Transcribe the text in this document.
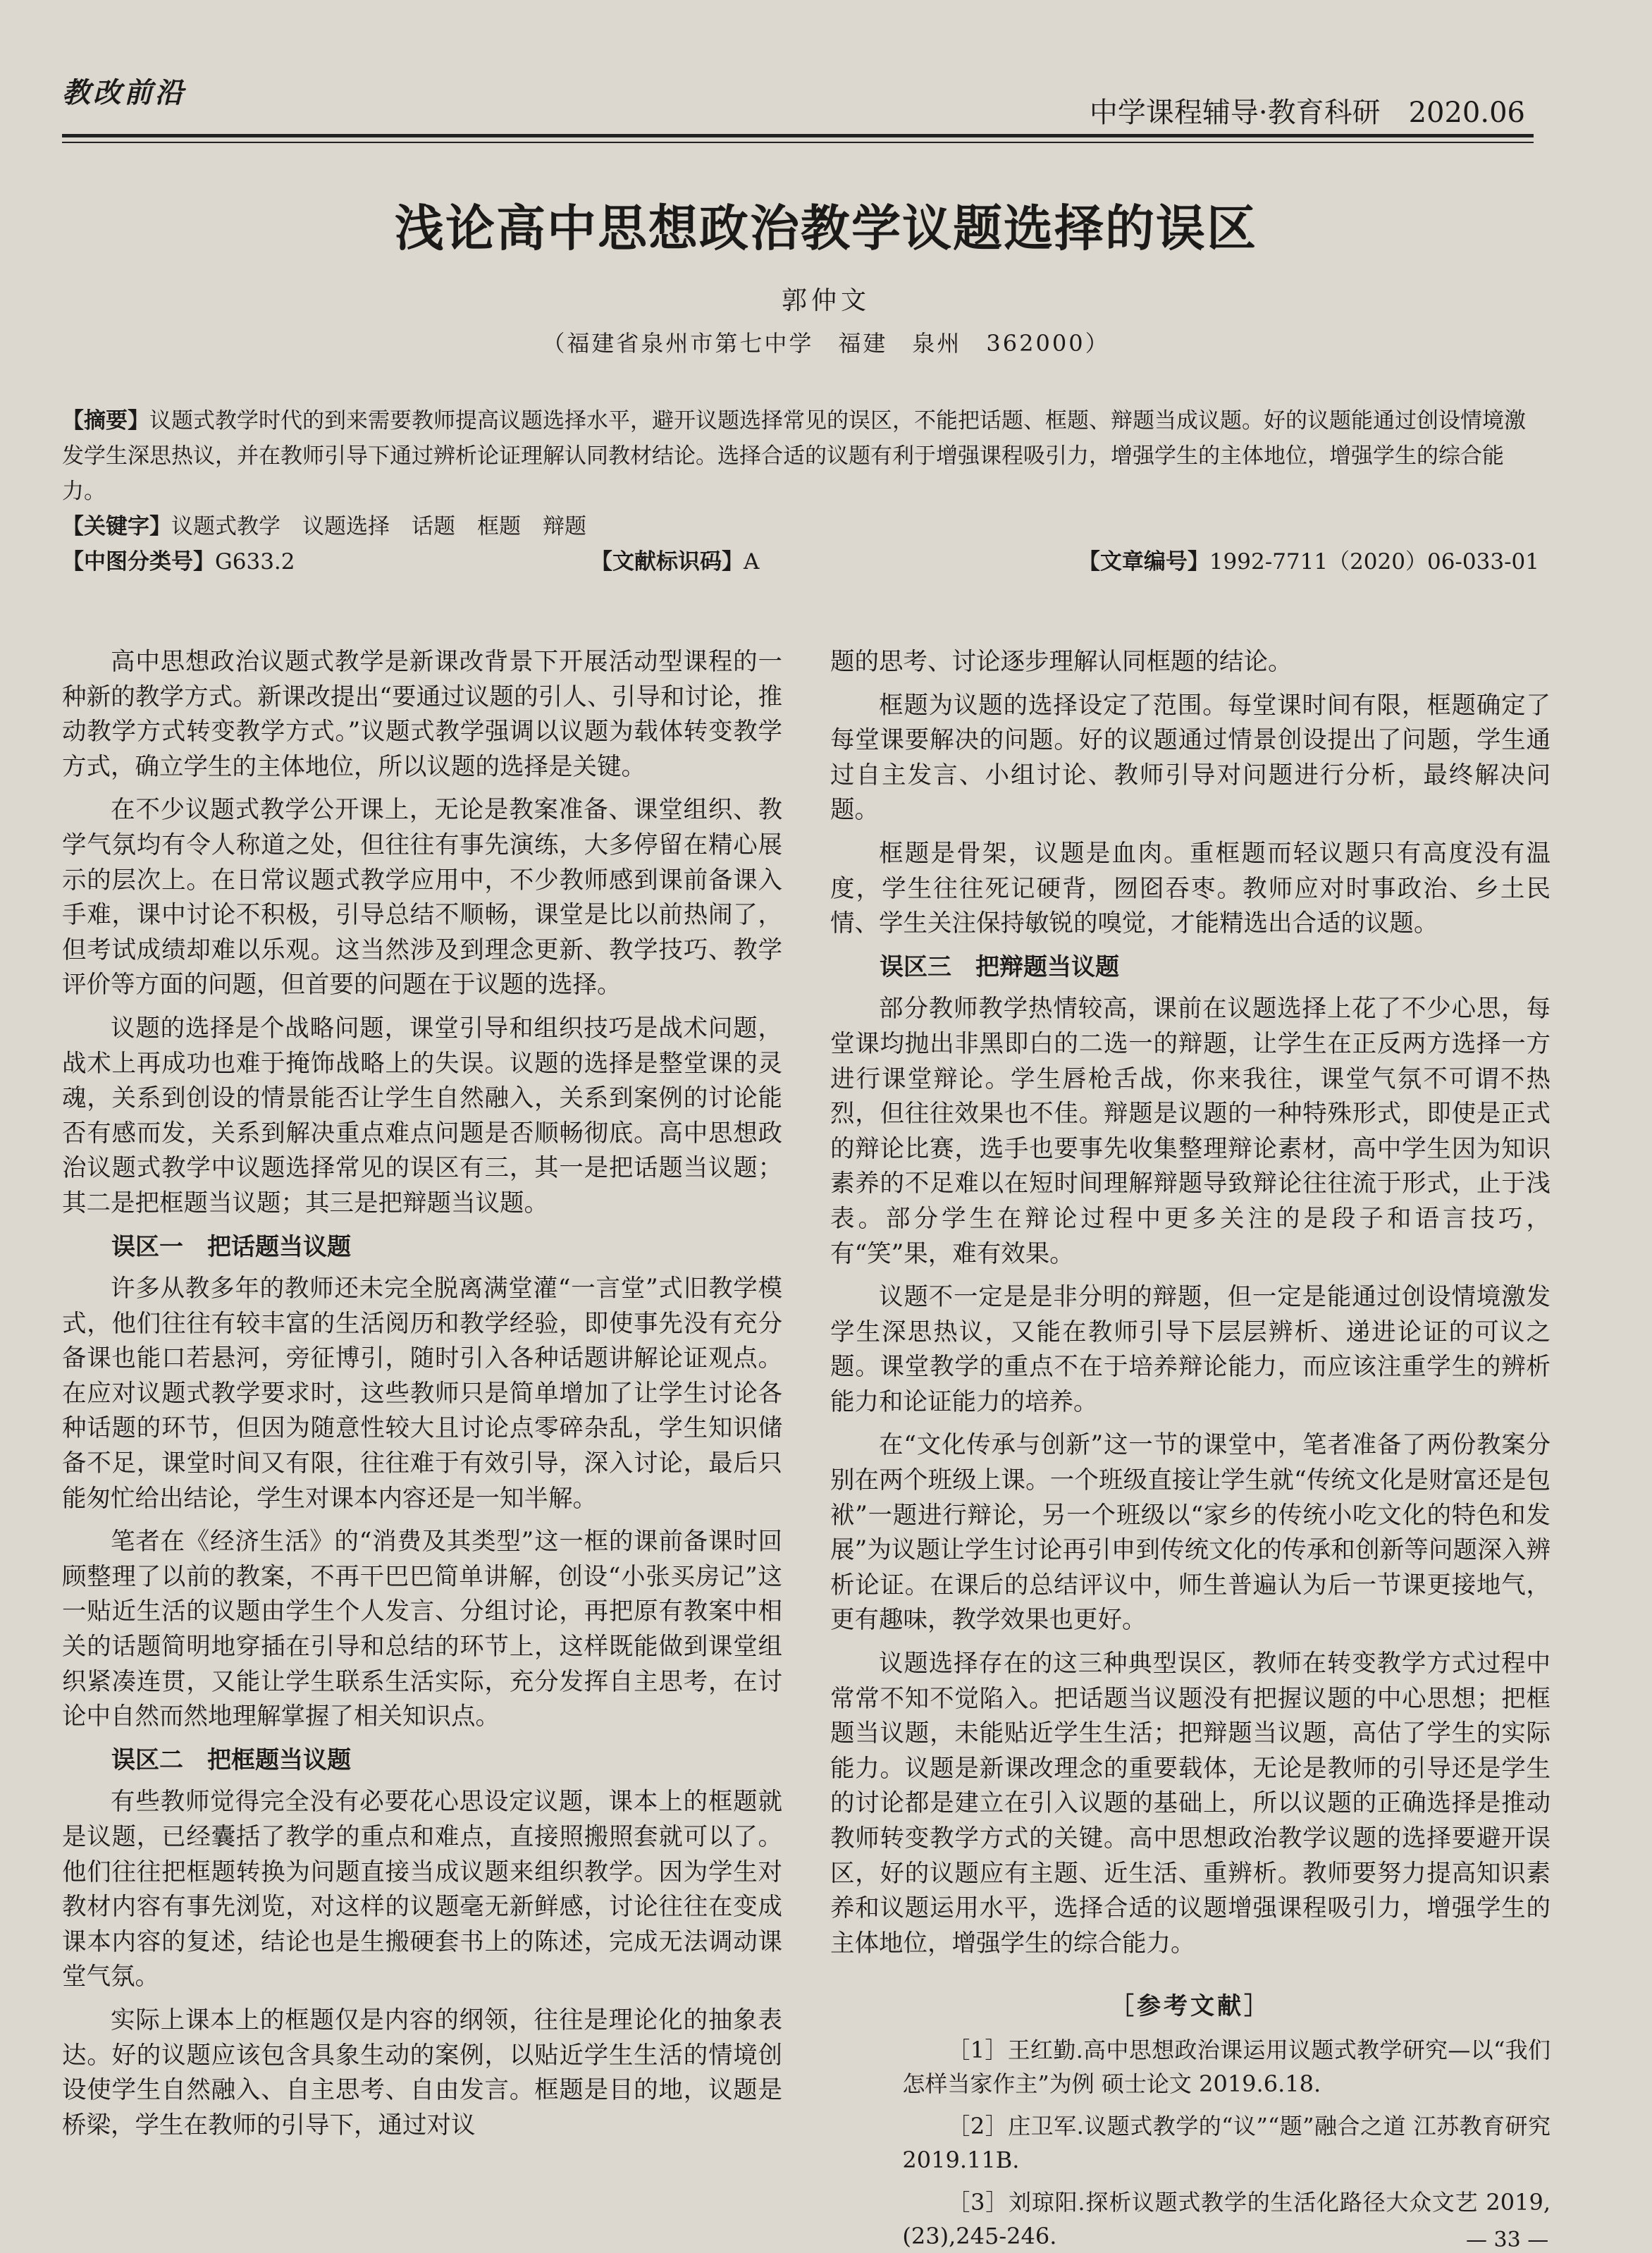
教改前沿
中学课程辅导·教育科研　2020.06
浅论高中思想政治教学议题选择的误区
郭仲文
（福建省泉州市第七中学　福建　泉州　362000）

【摘要】议题式教学时代的到来需要教师提高议题选择水平，避开议题选择常见的误区，不能把话题、框题、辩题当成议题。好的议题能通过创设情境激发学生深思热议，并在教师引导下通过辨析论证理解认同教材结论。选择合适的议题有利于增强课程吸引力，增强学生的主体地位，增强学生的综合能力。

【关键字】议题式教学　议题选择　话题　框题　辩题

【中图分类号】G633.2	【文献标识码】A	【文章编号】1992-7711（2020）06-033-01

高中思想政治议题式教学是新课改背景下开展活动型课程的一种新的教学方式。新课改提出“要通过议题的引人、引导和讨论，推动教学方式转变教学方式。”议题式教学强调以议题为载体转变教学方式，确立学生的主体地位，所以议题的选择是关键。

在不少议题式教学公开课上，无论是教案准备、课堂组织、教学气氛均有令人称道之处，但往往有事先演练，大多停留在精心展示的层次上。在日常议题式教学应用中，不少教师感到课前备课入手难，课中讨论不积极，引导总结不顺畅，课堂是比以前热闹了，但考试成绩却难以乐观。这当然涉及到理念更新、教学技巧、教学评价等方面的问题，但首要的问题在于议题的选择。

议题的选择是个战略问题，课堂引导和组织技巧是战术问题，战术上再成功也难于掩饰战略上的失误。议题的选择是整堂课的灵魂，关系到创设的情景能否让学生自然融入，关系到案例的讨论能否有感而发，关系到解决重点难点问题是否顺畅彻底。高中思想政治议题式教学中议题选择常见的误区有三，其一是把话题当议题；其二是把框题当议题；其三是把辩题当议题。

误区一　把话题当议题

许多从教多年的教师还未完全脱离满堂灌“一言堂”式旧教学模式，他们往往有较丰富的生活阅历和教学经验，即使事先没有充分备课也能口若悬河，旁征博引，随时引入各种话题讲解论证观点。在应对议题式教学要求时，这些教师只是简单增加了让学生讨论各种话题的环节，但因为随意性较大且讨论点零碎杂乱，学生知识储备不足，课堂时间又有限，往往难于有效引导，深入讨论，最后只能匆忙给出结论，学生对课本内容还是一知半解。

笔者在《经济生活》的“消费及其类型”这一框的课前备课时回顾整理了以前的教案，不再干巴巴简单讲解，创设“小张买房记”这一贴近生活的议题由学生个人发言、分组讨论，再把原有教案中相关的话题简明地穿插在引导和总结的环节上，这样既能做到课堂组织紧凑连贯，又能让学生联系生活实际，充分发挥自主思考，在讨论中自然而然地理解掌握了相关知识点。

误区二　把框题当议题

有些教师觉得完全没有必要花心思设定议题，课本上的框题就是议题，已经囊括了教学的重点和难点，直接照搬照套就可以了。他们往往把框题转换为问题直接当成议题来组织教学。因为学生对教材内容有事先浏览，对这样的议题毫无新鲜感，讨论往往在变成课本内容的复述，结论也是生搬硬套书上的陈述，完成无法调动课堂气氛。

实际上课本上的框题仅是内容的纲领，往往是理论化的抽象表达。好的议题应该包含具象生动的案例，以贴近学生生活的情境创设使学生自然融入、自主思考、自由发言。框题是目的地，议题是桥梁，学生在教师的引导下，通过对议

题的思考、讨论逐步理解认同框题的结论。

框题为议题的选择设定了范围。每堂课时间有限，框题确定了每堂课要解决的问题。好的议题通过情景创设提出了问题，学生通过自主发言、小组讨论、教师引导对问题进行分析，最终解决问题。

框题是骨架，议题是血肉。重框题而轻议题只有高度没有温度，学生往往死记硬背，囫囵吞枣。教师应对时事政治、乡土民情、学生关注保持敏锐的嗅觉，才能精选出合适的议题。

误区三　把辩题当议题

部分教师教学热情较高，课前在议题选择上花了不少心思，每堂课均抛出非黑即白的二选一的辩题，让学生在正反两方选择一方进行课堂辩论。学生唇枪舌战，你来我往，课堂气氛不可谓不热烈，但往往效果也不佳。辩题是议题的一种特殊形式，即使是正式的辩论比赛，选手也要事先收集整理辩论素材，高中学生因为知识素养的不足难以在短时间理解辩题导致辩论往往流于形式，止于浅表。部分学生在辩论过程中更多关注的是段子和语言技巧，有“笑”果，难有效果。

议题不一定是是非分明的辩题，但一定是能通过创设情境激发学生深思热议，又能在教师引导下层层辨析、递进论证的可议之题。课堂教学的重点不在于培养辩论能力，而应该注重学生的辨析能力和论证能力的培养。

在“文化传承与创新”这一节的课堂中，笔者准备了两份教案分别在两个班级上课。一个班级直接让学生就“传统文化是财富还是包袱”一题进行辩论，另一个班级以“家乡的传统小吃文化的特色和发展”为议题让学生讨论再引申到传统文化的传承和创新等问题深入辨析论证。在课后的总结评议中，师生普遍认为后一节课更接地气，更有趣味，教学效果也更好。

议题选择存在的这三种典型误区，教师在转变教学方式过程中常常不知不觉陷入。把话题当议题没有把握议题的中心思想；把框题当议题，未能贴近学生生活；把辩题当议题，高估了学生的实际能力。议题是新课改理念的重要载体，无论是教师的引导还是学生的讨论都是建立在引入议题的基础上，所以议题的正确选择是推动教师转变教学方式的关键。高中思想政治教学议题的选择要避开误区，好的议题应有主题、近生活、重辨析。教师要努力提高知识素养和议题运用水平，选择合适的议题增强课程吸引力，增强学生的主体地位，增强学生的综合能力。

［参考文献］

［1］王红勤.高中思想政治课运用议题式教学研究—以“我们怎样当家作主”为例 硕士论文 2019.6.18.

［2］庄卫军.议题式教学的“议”“题”融合之道 江苏教育研究 2019.11B.

［3］刘琼阳.探析议题式教学的生活化路径大众文艺 2019,(23),245-246.	— 33 —
